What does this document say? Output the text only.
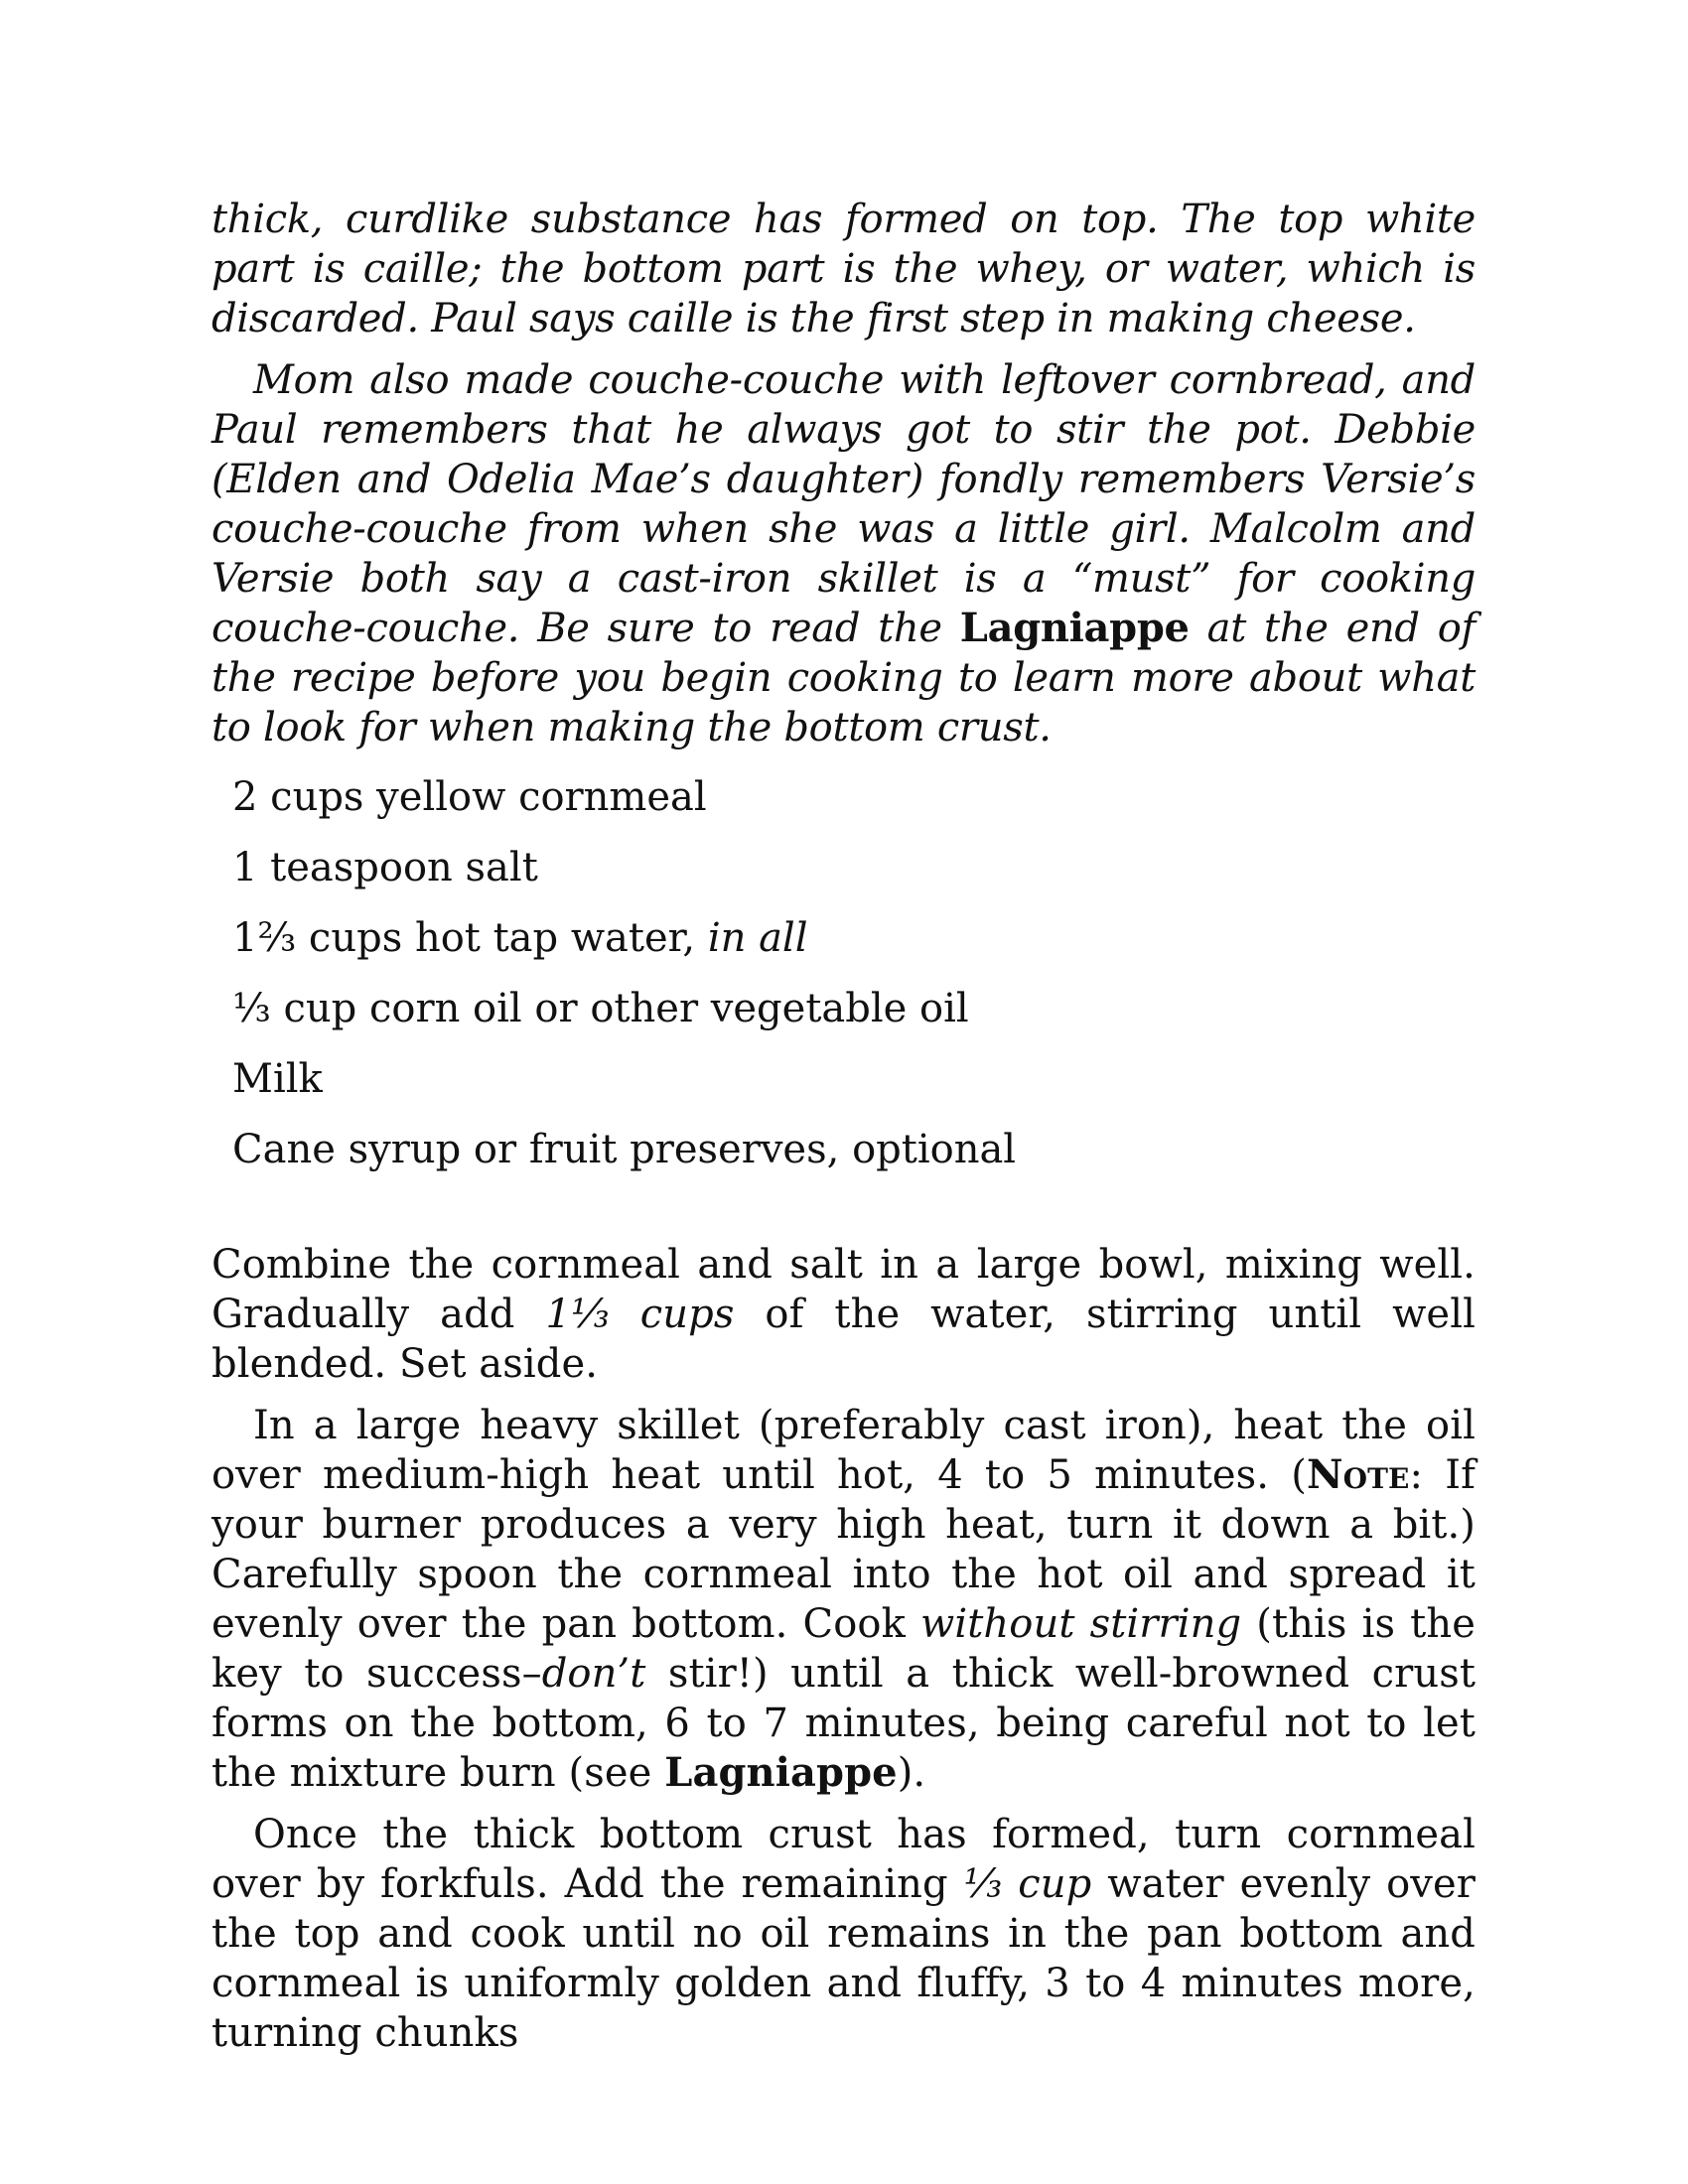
thick, curdlike substance has formed on top. The top white part is caille; the bottom part is the whey, or water, which is discarded. Paul says caille is the first step in making cheese.

Mom also made couche-couche with leftover cornbread, and Paul remembers that he always got to stir the pot. Debbie (Elden and Odelia Mae’s daughter) fondly remembers Versie’s couche-couche from when she was a little girl. Malcolm and Versie both say a cast-iron skillet is a “must” for cooking couche-couche. Be sure to read the Lagniappe at the end of the recipe before you begin cooking to learn more about what to look for when making the bottom crust.

2 cups yellow cornmeal
1 teaspoon salt
1⅔ cups hot tap water, in all
⅓ cup corn oil or other vegetable oil
Milk
Cane syrup or fruit preserves, optional

Combine the cornmeal and salt in a large bowl, mixing well. Gradually add 1⅓ cups of the water, stirring until well blended. Set aside.

In a large heavy skillet (preferably cast iron), heat the oil over medium-high heat until hot, 4 to 5 minutes. (Note: If your burner produces a very high heat, turn it down a bit.) Carefully spoon the cornmeal into the hot oil and spread it evenly over the pan bottom. Cook without stirring (this is the key to success–don’t stir!) until a thick well-browned crust forms on the bottom, 6 to 7 minutes, being careful not to let the mixture burn (see Lagniappe).

Once the thick bottom crust has formed, turn cornmeal over by forkfuls. Add the remaining ⅓ cup water evenly over the top and cook until no oil remains in the pan bottom and cornmeal is uniformly golden and fluffy, 3 to 4 minutes more, turning chunks
